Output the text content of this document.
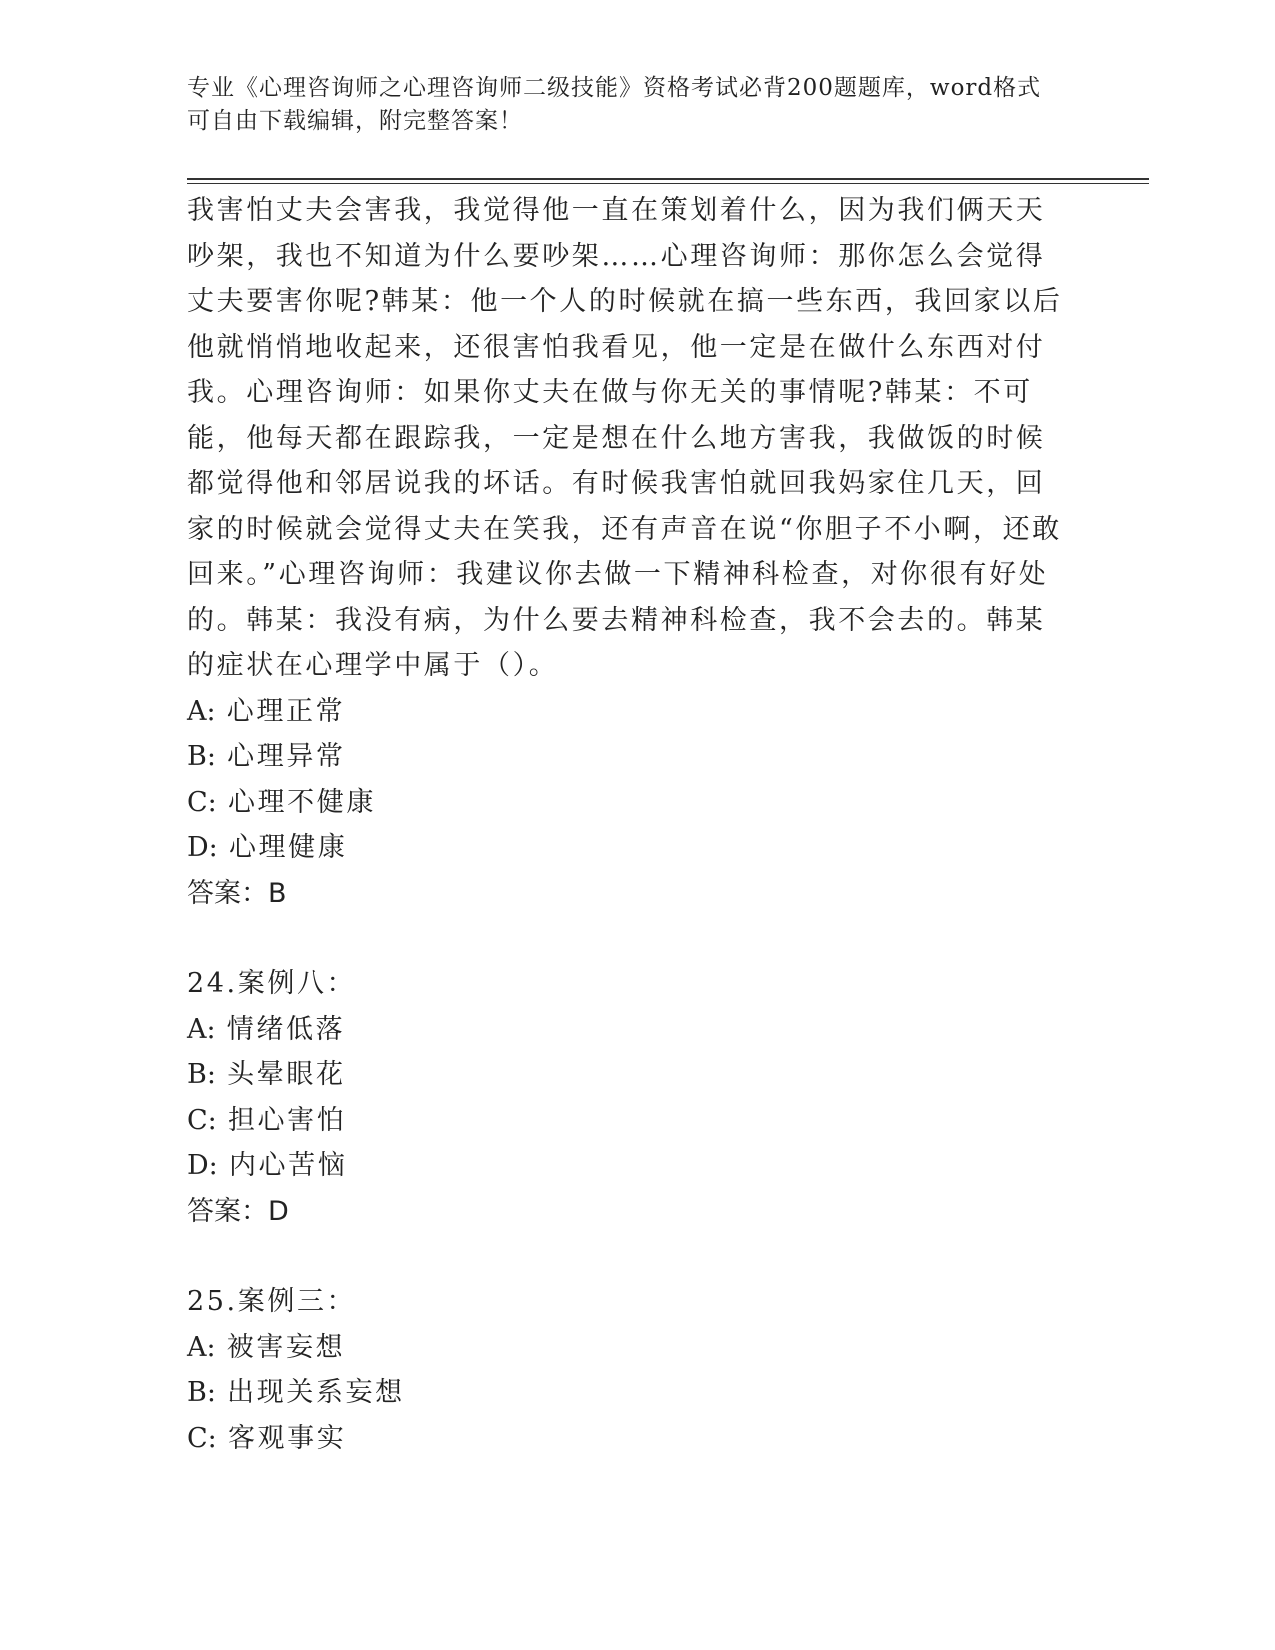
专业《心理咨询师之心理咨询师二级技能》资格考试必背200题题库，word格式
可自由下载编辑，附完整答案！

我害怕丈夫会害我，我觉得他一直在策划着什么，因为我们俩天天吵架，我也不知道为什么要吵架……心理咨询师：那你怎么会觉得丈夫要害你呢?韩某：他一个人的时候就在搞一些东西，我回家以后他就悄悄地收起来，还很害怕我看见，他一定是在做什么东西对付我。心理咨询师：如果你丈夫在做与你无关的事情呢?韩某：不可能，他每天都在跟踪我，一定是想在什么地方害我，我做饭的时候都觉得他和邻居说我的坏话。有时候我害怕就回我妈家住几天，回家的时候就会觉得丈夫在笑我，还有声音在说“你胆子不小啊，还敢回来。”心理咨询师：我建议你去做一下精神科检查，对你很有好处的。韩某：我没有病，为什么要去精神科检查，我不会去的。韩某的症状在心理学中属于（）。

A: 心理正常

B: 心理异常

C: 心理不健康

D: 心理健康

答案：B

24.案例八：

A: 情绪低落

B: 头晕眼花

C: 担心害怕

D: 内心苦恼

答案：D

25.案例三：

A: 被害妄想

B: 出现关系妄想

C: 客观事实
